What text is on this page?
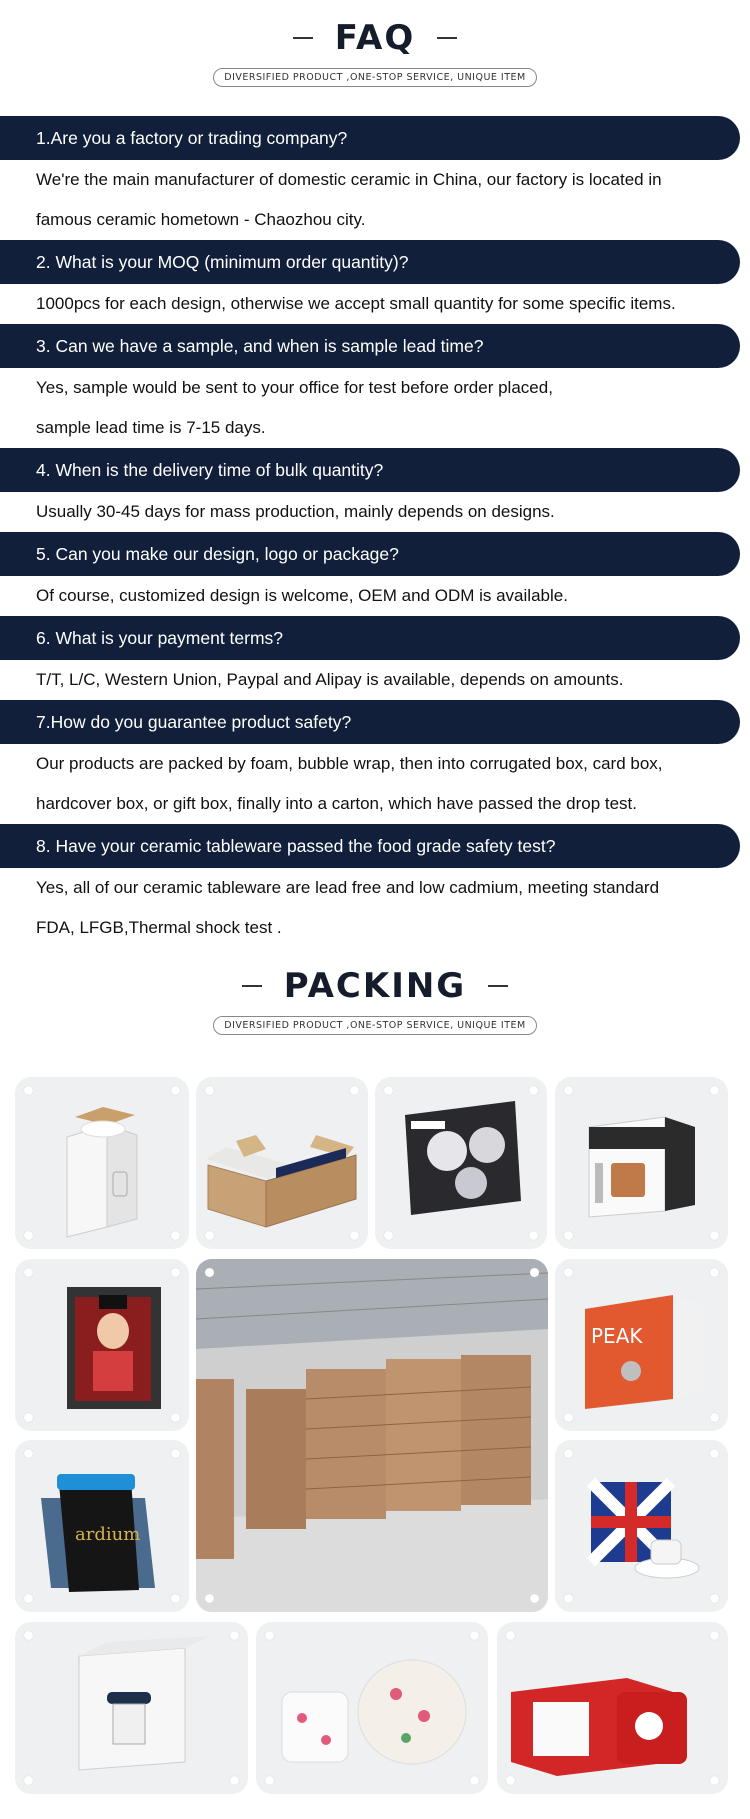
FAQ
DIVERSIFIED PRODUCT ,ONE-STOP SERVICE, UNIQUE ITEM
1.Are you a factory or trading company?

We're the main manufacturer of domestic ceramic in China, our factory is located in

famous ceramic hometown - Chaozhou city.

2. What is your MOQ (minimum order quantity)?

1000pcs for each design, otherwise we accept small quantity for some specific items.

3. Can we have a sample, and when is sample lead time?

Yes, sample would be sent to your office for test before order placed,

sample lead time is 7-15 days.

4. When is the delivery time of bulk quantity?

Usually 30-45 days for mass production, mainly depends on designs.

5. Can you make our design, logo or package?

Of course, customized design is welcome, OEM and ODM is available.

6. What is your payment terms?

T/T, L/C, Western Union, Paypal and Alipay is available, depends on amounts.

7.How do you guarantee product safety?

Our products are packed by foam, bubble wrap, then into corrugated box, card box,

hardcover box, or gift box, finally into a carton, which have passed the drop test.

8. Have your ceramic tableware passed the food grade safety test?

Yes, all of our ceramic tableware are lead free and low cadmium, meeting standard

FDA, LFGB,Thermal shock test .

PACKING
DIVERSIFIED PRODUCT ,ONE-STOP SERVICE, UNIQUE ITEM
ardium
PEAK
